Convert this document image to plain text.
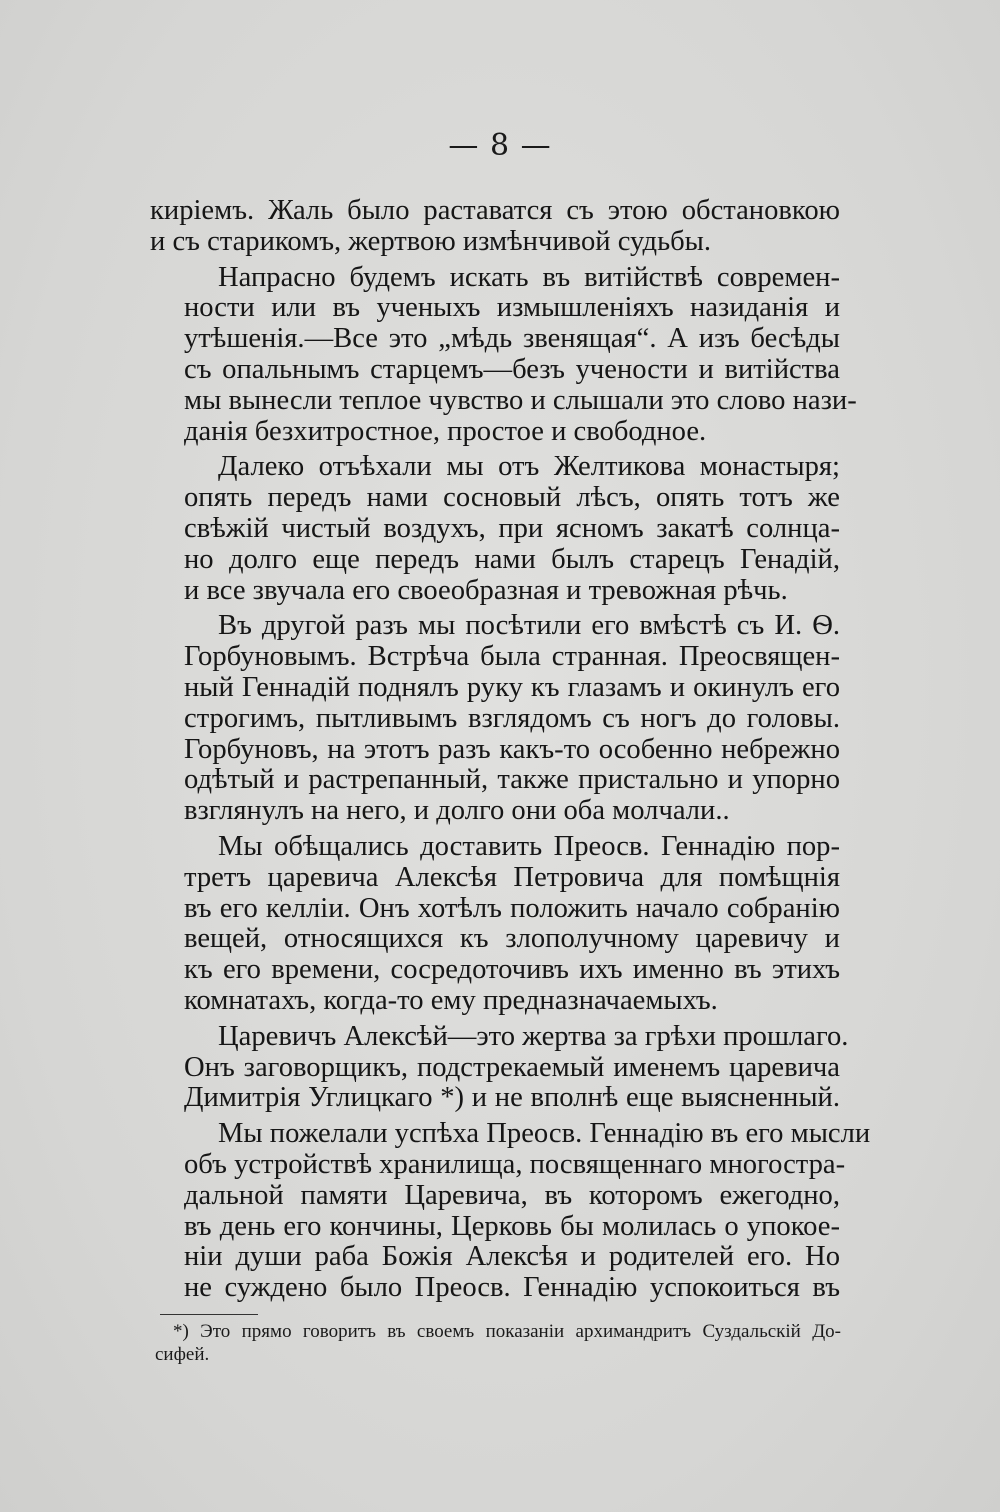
— 8 —

киріемъ. Жаль было раставатся съ этою обстановкою
и съ старикомъ, жертвою измѣнчивой судьбы.

Напрасно будемъ искать въ витійствѣ современ-
ности или въ ученыхъ измышленіяхъ назиданія и
утѣшенія.—Все это „мѣдь звенящая“. А изъ бесѣды
съ опальнымъ старцемъ—безъ учености и витійства
мы вынесли теплое чувство и слышали это слово нази-
данія безхитростное, простое и свободное.

Далеко отъѣхали мы отъ Желтикова монастыря;
опять передъ нами сосновый лѣсъ, опять тотъ же
свѣжій чистый воздухъ, при ясномъ закатѣ солнца-
но долго еще передъ нами былъ старецъ Генадій,
и все звучала его своеобразная и тревожная рѣчь.

Въ другой разъ мы посѣтили его вмѣстѣ съ И. Ѳ.
Горбуновымъ. Встрѣча была странная. Преосвящен-
ный Геннадій поднялъ руку къ глазамъ и окинулъ его
строгимъ, пытливымъ взглядомъ съ ногъ до головы.
Горбуновъ, на этотъ разъ какъ-то особенно небрежно
одѣтый и растрепанный, также пристально и упорно
взглянулъ на него, и долго они оба молчали..

Мы обѣщались доставить Преосв. Геннадію пор-
третъ царевича Алексѣя Петровича для помѣщнія
въ его келліи. Онъ хотѣлъ положить начало собранію
вещей, относящихся къ злополучному царевичу и
къ его времени, сосредоточивъ ихъ именно въ этихъ
комнатахъ, когда-то ему предназначаемыхъ.

Царевичъ Алексѣй—это жертва за грѣхи прошлаго.
Онъ заговорщикъ, подстрекаемый именемъ царевича
Димитрія Углицкаго *) и не вполнѣ еще выясненный.

Мы пожелали успѣха Преосв. Геннадію въ его мысли
объ устройствѣ хранилища, посвященнаго многостра-
дальной памяти Царевича, въ которомъ ежегодно,
въ день его кончины, Церковь бы молилась о упокое-
ніи души раба Божія Алексѣя и родителей его. Но
не суждено было Преосв. Геннадію успокоиться въ

*) Это прямо говоритъ въ своемъ показаніи архимандритъ Суздальскій До-
сифей.
